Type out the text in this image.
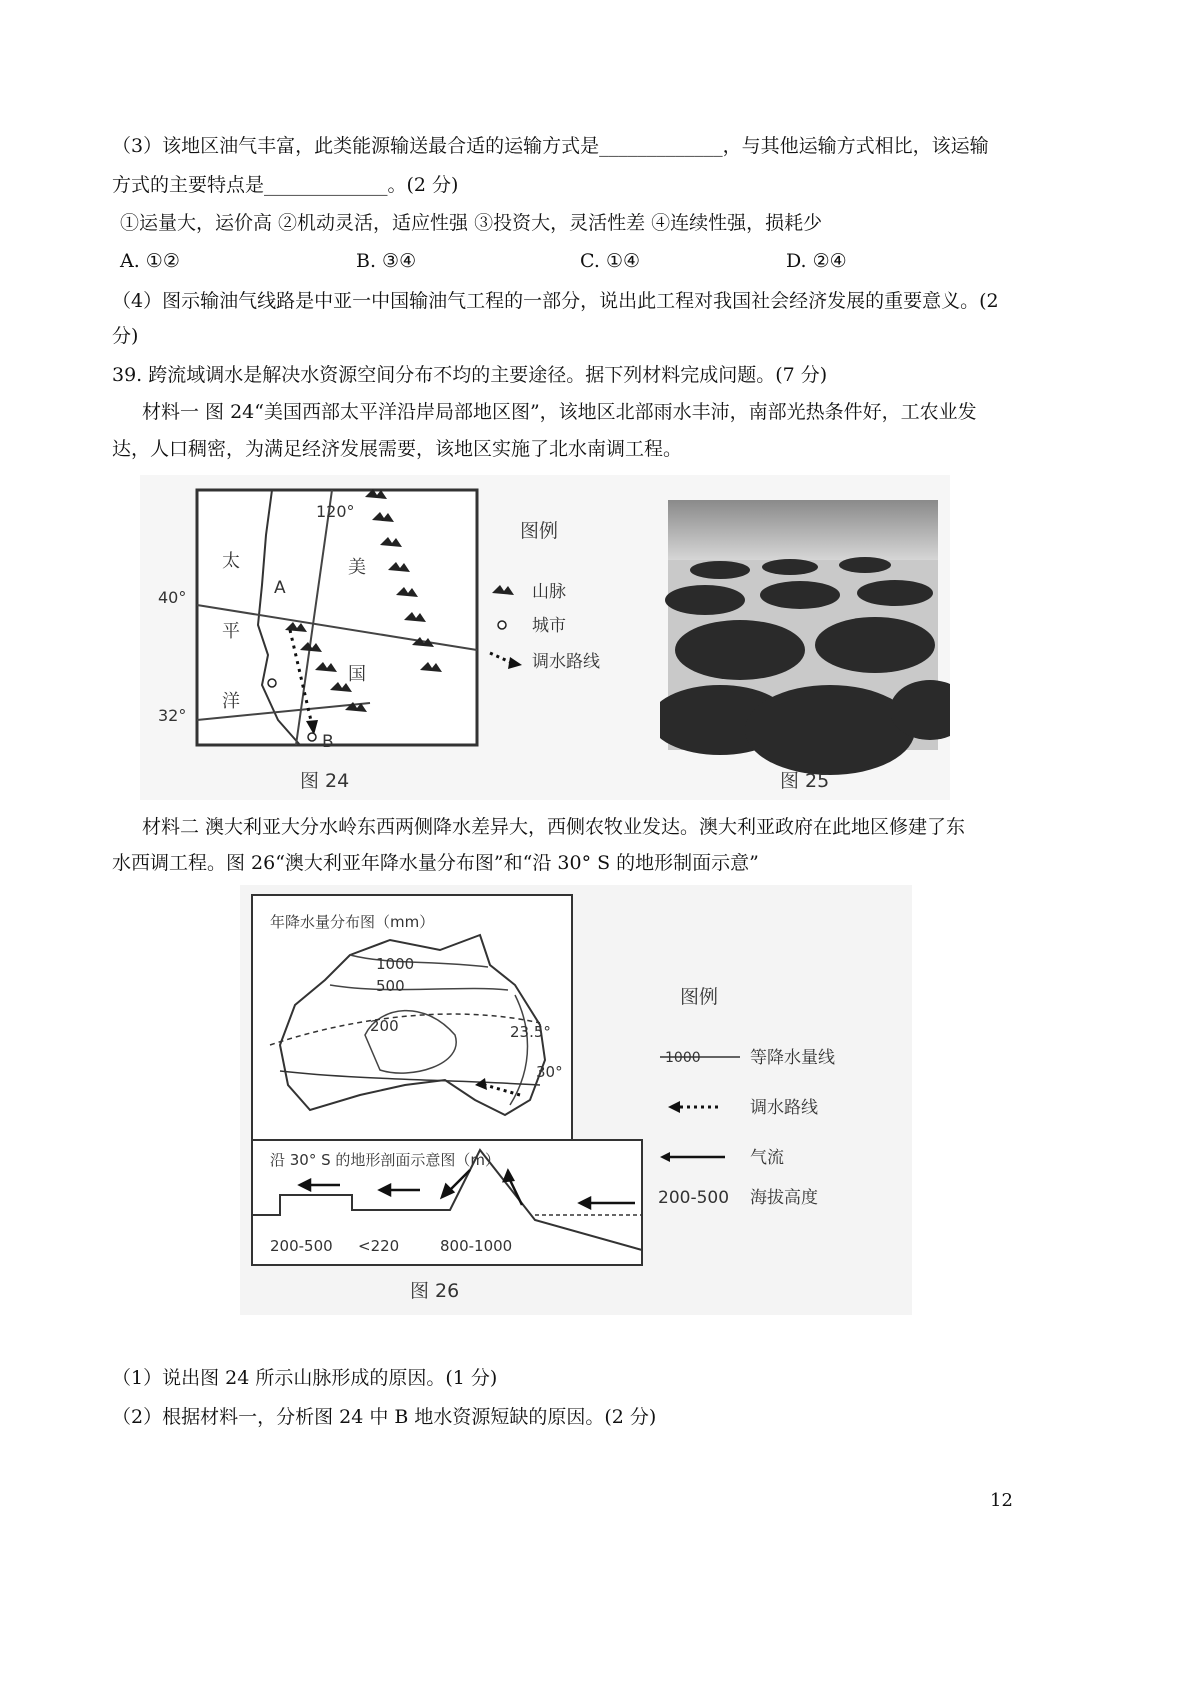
（3）该地区油气丰富，此类能源输送最合适的运输方式是_____________，与其他运输方式相比，该运输
方式的主要特点是_____________。(2 分)
①运量大，运价高 ②机动灵活，适应性强 ③投资大，灵活性差 ④连续性强，损耗少
A. ①②	B. ③④	C. ①④	D. ②④
（4）图示输油气线路是中亚一中国输油气工程的一部分，说出此工程对我国社会经济发展的重要意义。(2
分)
39. 跨流域调水是解决水资源空间分布不均的主要途径。据下列材料完成问题。(7 分)
材料一 图 24“美国西部太平洋沿岸局部地区图”，该地区北部雨水丰沛，南部光热条件好，工农业发
达，人口稠密，为满足经济发展需要，该地区实施了北水南调工程。
120°
40°
32°
太
平
洋
美
国
A
B
图例
山脉
城市
调水路线
图 24	图 25
材料二 澳大利亚大分水岭东西两侧降水差异大，西侧农牧业发达。澳大利亚政府在此地区修建了东
水西调工程。图 26“澳大利亚年降水量分布图”和“沿 30° S 的地形制面示意”
年降水量分布图（mm）
1000
500
200	23.5°
30°
沿 30° S 的地形剖面示意图（m）
200-500 <220	800-1000
图 26
图例
1000	等降水量线
调水路线
气流
200-500 海拔高度
（1）说出图 24 所示山脉形成的原因。(1 分)
（2）根据材料一，分析图 24 中 B 地水资源短缺的原因。(2 分)
12
